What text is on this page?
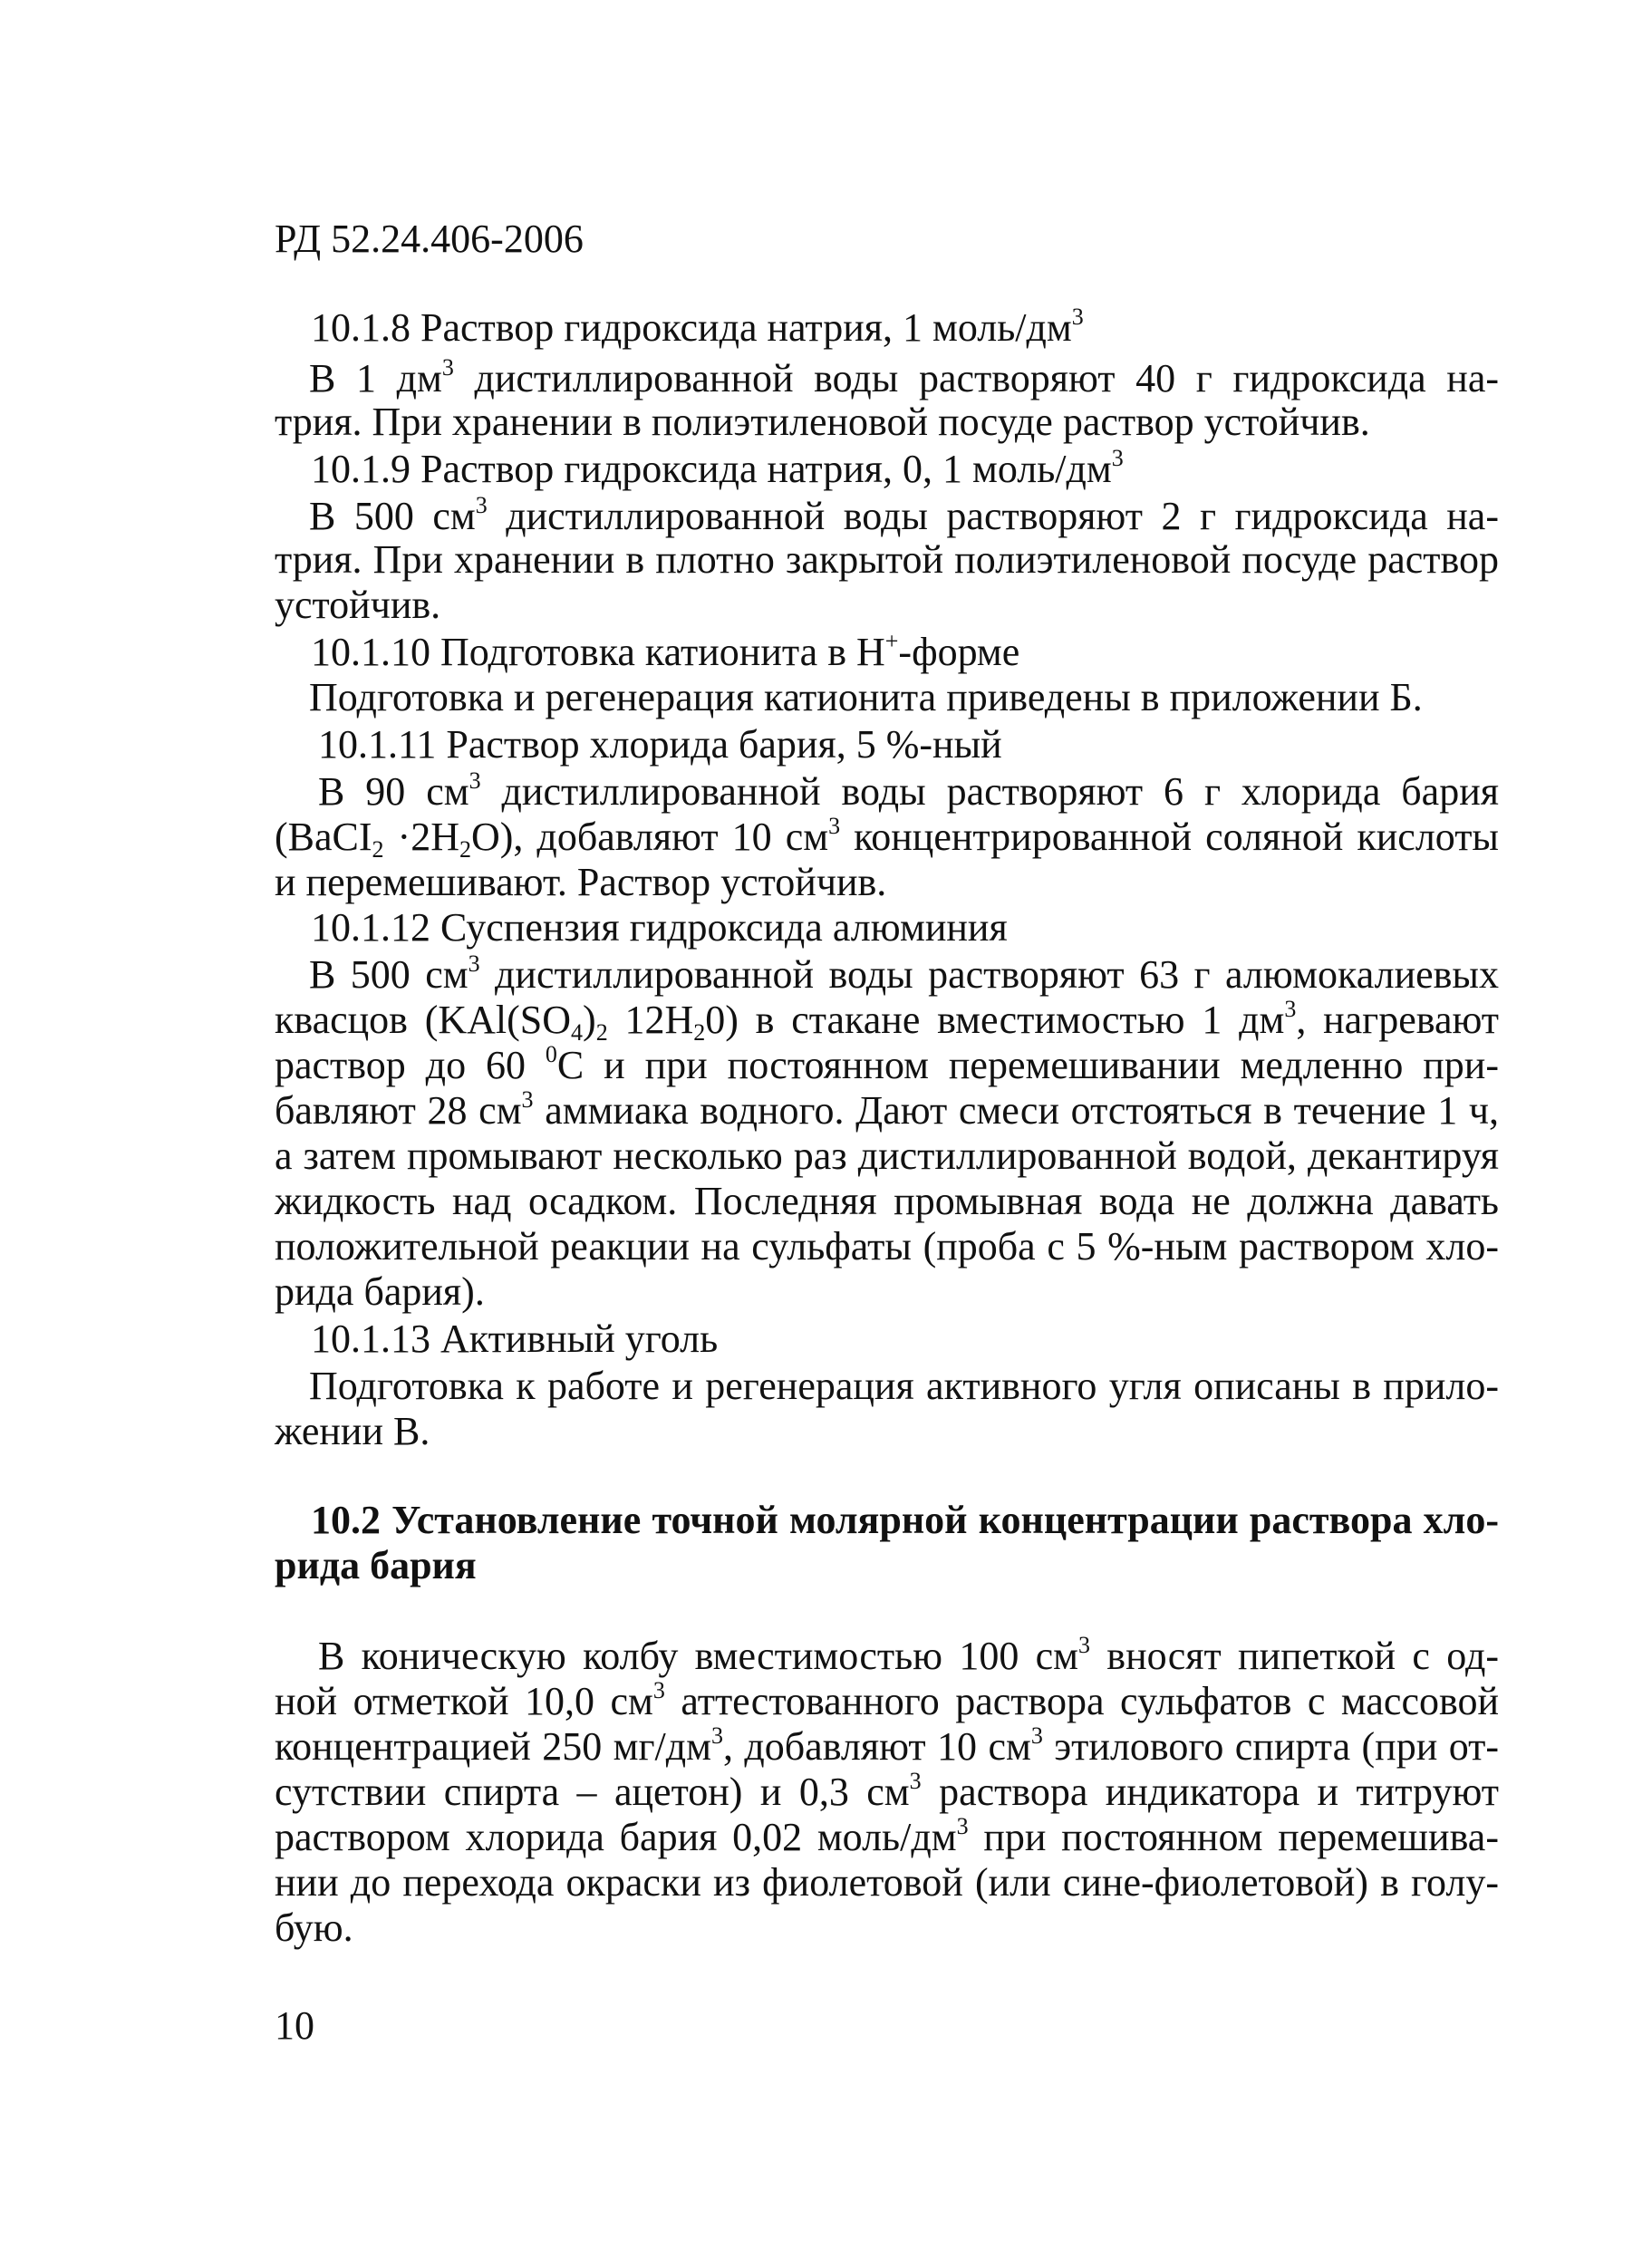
РД 52.24.406-2006
10.1.8 Раствор гидроксида натрия, 1 моль/$дм^3$
В 1 $дм^3$ дистиллированной воды растворяют 40 г гидроксида на-
трия. При хранении в полиэтиленовой посуде раствор устойчив.
10.1.9 Раствор гидроксида натрия, 0, 1 моль/$дм^3$
В 500 $см^3$ дистиллированной воды растворяют 2 г гидроксида на-
трия. При хранении в плотно закрытой полиэтиленовой посуде раствор
устойчив.
10.1.10 Подготовка катионита в Н+-форме
Подготовка и регенерация катионита приведены в приложении Б.
10.1.11 Раствор хлорида бария, 5 %-ный
В 90 $см^3$ дистиллированной воды растворяют 6 г хлорида бария
(BaCI$_2$ $\cdot 2H_2O$), добавляют 10 $см^3$ концентрированной соляной кислоты
и перемешивают. Раствор устойчив.
10.1.12 Суспензия гидроксида алюминия
В 500 $см^3$ дистиллированной воды растворяют 63 г алюмокалиевых
квасцов ($KAl(SO_4)_2$ $12H_20$) в стакане вместимостью 1 $дм^3$, нагревают
раствор до 60 $^0$С и при постоянном перемешивании медленно при-
бавляют 28 $см^3$ аммиака водного. Дают смеси отстояться в течение 1 ч,
а затем промывают несколько раз дистиллированной водой, декантируя
жидкость над осадком. Последняя промывная вода не должна давать
положительной реакции на сульфаты (проба с 5 %-ным раствором хло-
рида бария).
10.1.13 Активный уголь
Подготовка к работе и регенерация активного угля описаны в прило-
жении В.
10.2 Установление точной молярной концентрации раствора хло-
рида бария
В коническую колбу вместимостью 100 $см^3$ вносят пипеткой с од-
ной отметкой 10,0 $см^3$ аттестованного раствора сульфатов с массовой
концентрацией 250 $мг/дм^3$, добавляют 10 $см^3$ этилового спирта (при от-
сутствии спирта – ацетон) и 0,3 $см^3$ раствора индикатора и титруют
раствором хлорида бария 0,02 моль/$дм^3$ при постоянном перемешива-
нии до перехода окраски из фиолетовой (или сине-фиолетовой) в голу-
бую.
10
